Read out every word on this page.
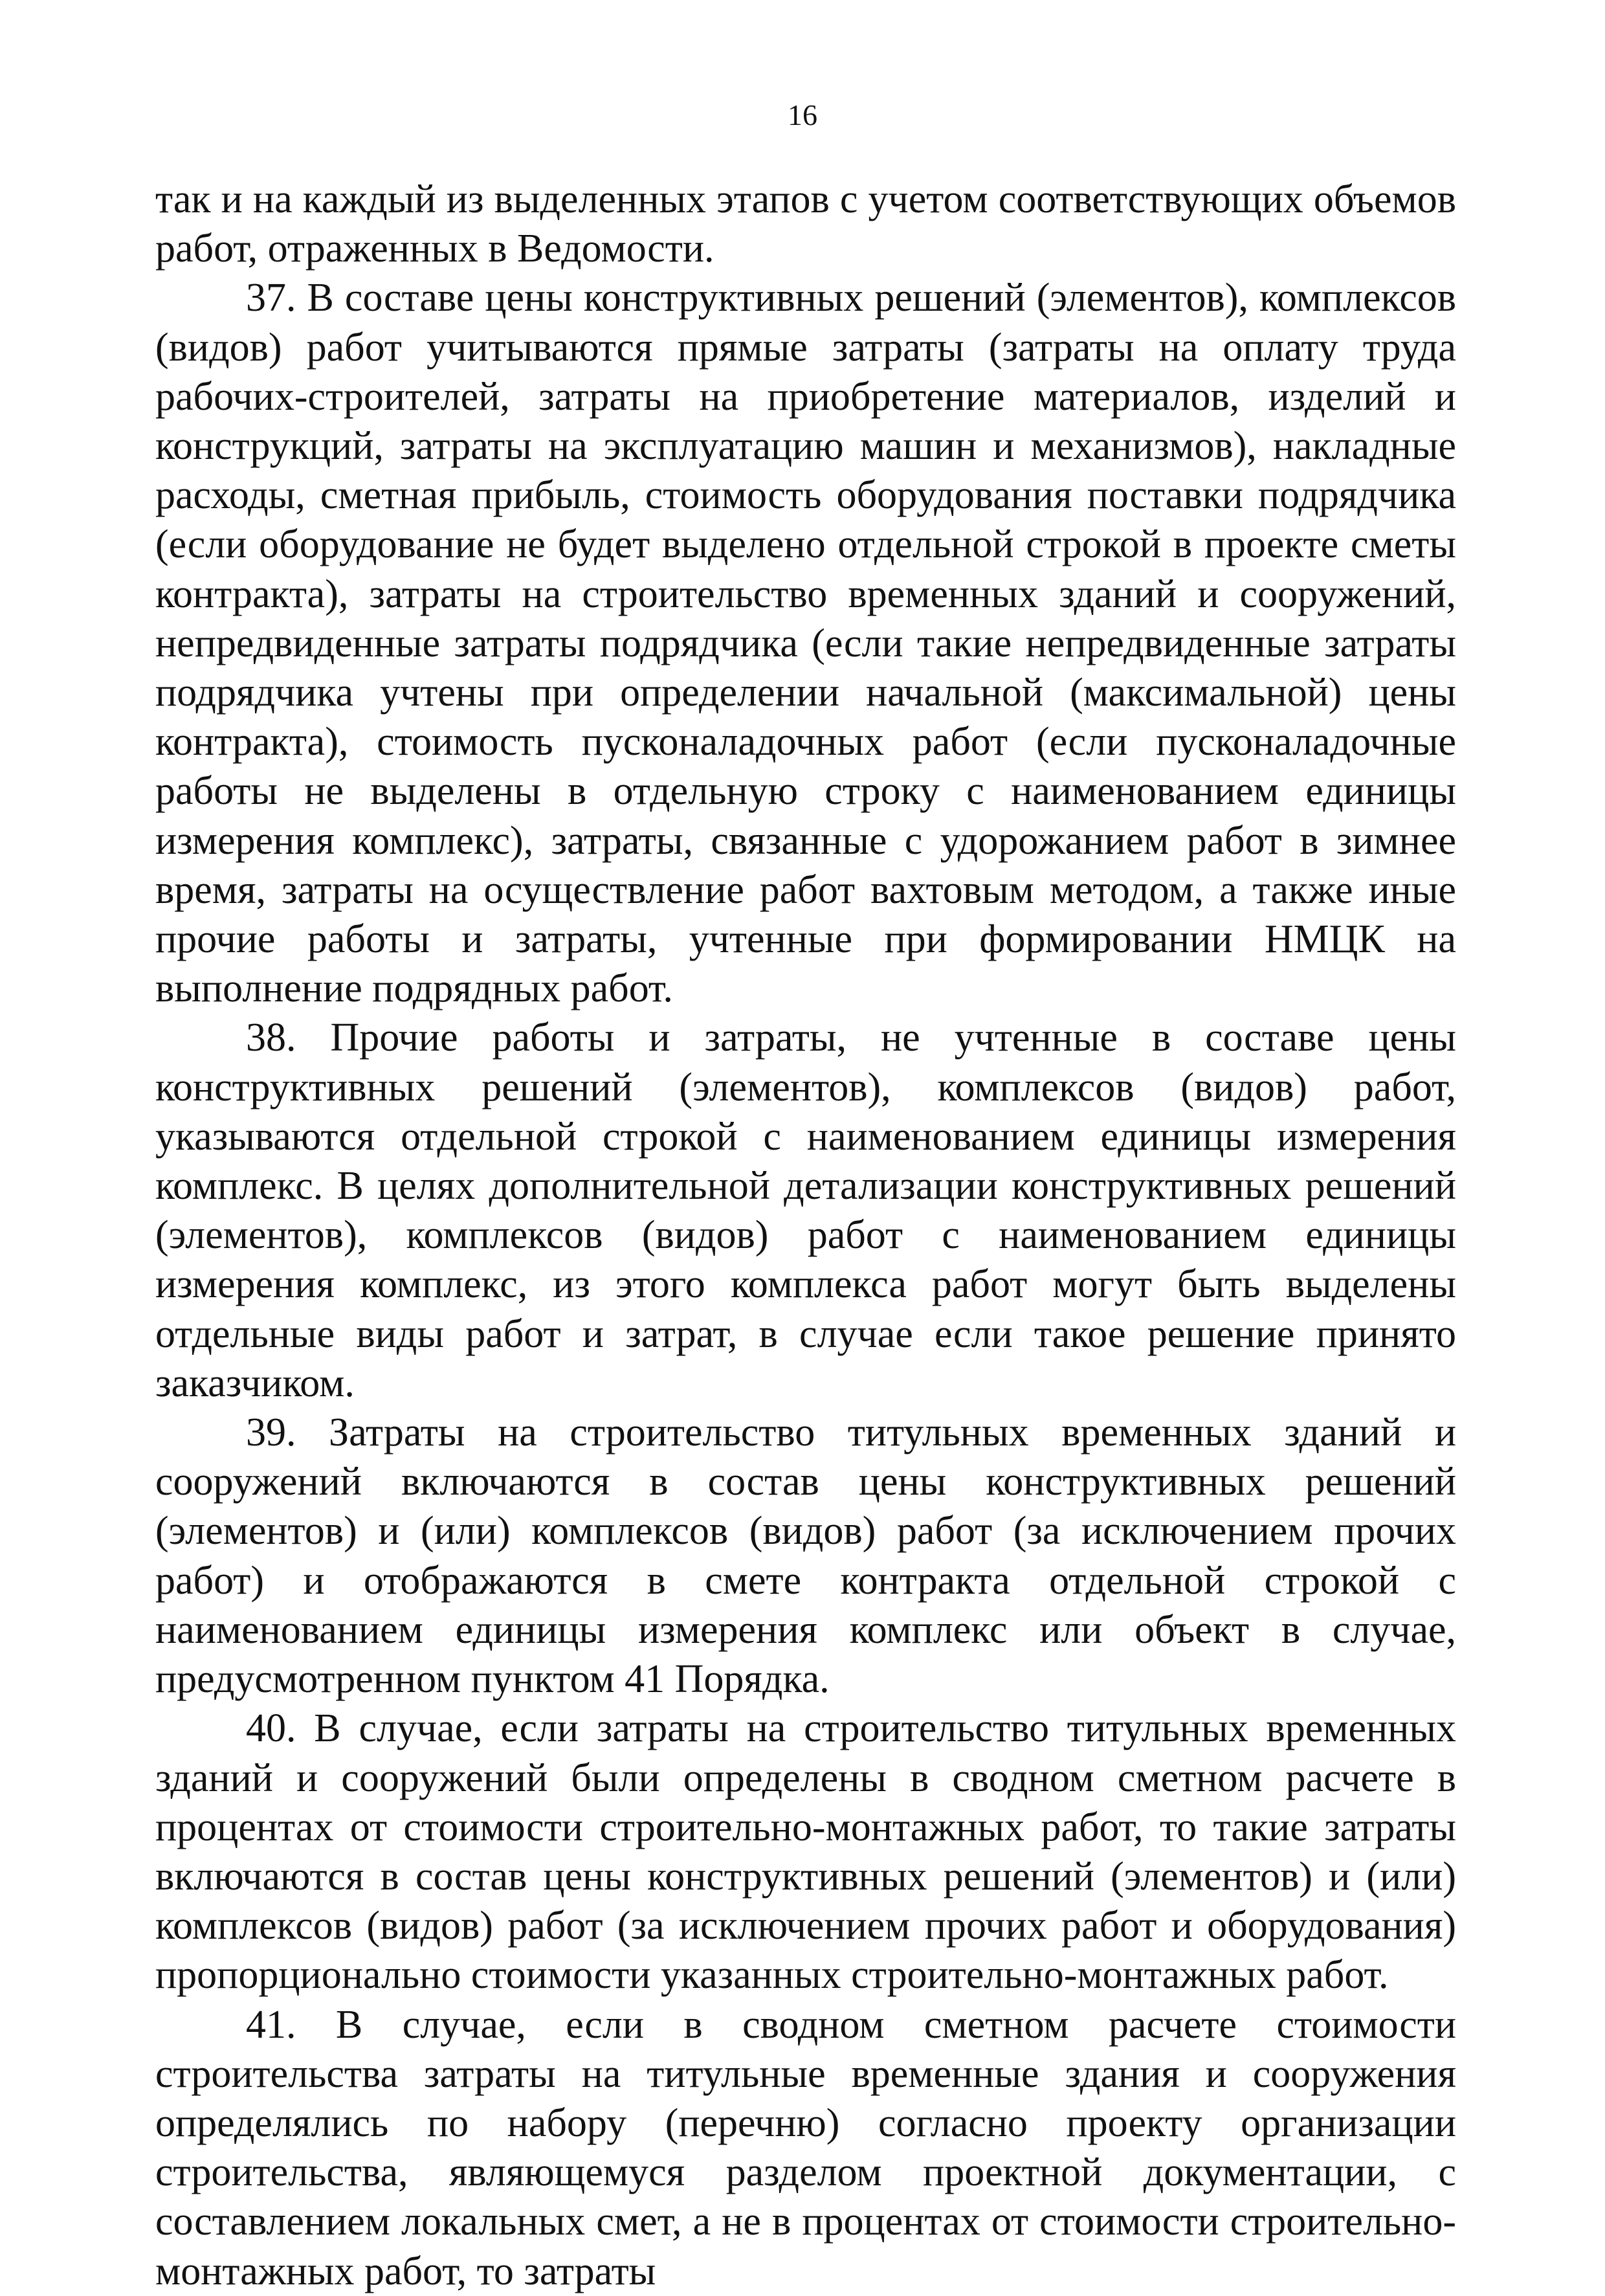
16

так и на каждый из выделенных этапов с учетом соответствующих объемов работ, отраженных в Ведомости.

37. В составе цены конструктивных решений (элементов), комплексов (видов) работ учитываются прямые затраты (затраты на оплату труда рабочих-строителей, затраты на приобретение материалов, изделий и конструкций, затраты на эксплуатацию машин и механизмов), накладные расходы, сметная прибыль, стоимость оборудования поставки подрядчика (если оборудование не будет выделено отдельной строкой в проекте сметы контракта), затраты на строительство временных зданий и сооружений, непредвиденные затраты подрядчика (если такие непредвиденные затраты подрядчика учтены при определении начальной (максимальной) цены контракта), стоимость пусконаладочных работ (если пусконаладочные работы не выделены в отдельную строку с наименованием единицы измерения комплекс), затраты, связанные с удорожанием работ в зимнее время, затраты на осуществление работ вахтовым методом, а также иные прочие работы и затраты, учтенные при формировании НМЦК на выполнение подрядных работ.

38. Прочие работы и затраты, не учтенные в составе цены конструктивных решений (элементов), комплексов (видов) работ, указываются отдельной строкой с наименованием единицы измерения комплекс. В целях дополнительной детализации конструктивных решений (элементов), комплексов (видов) работ с наименованием единицы измерения комплекс, из этого комплекса работ могут быть выделены отдельные виды работ и затрат, в случае если такое решение принято заказчиком.

39. Затраты на строительство титульных временных зданий и сооружений включаются в состав цены конструктивных решений (элементов) и (или) комплексов (видов) работ (за исключением прочих работ) и отображаются в смете контракта отдельной строкой с наименованием единицы измерения комплекс или объект в случае, предусмотренном пунктом 41 Порядка.

40. В случае, если затраты на строительство титульных временных зданий и сооружений были определены в сводном сметном расчете в процентах от стоимости строительно-монтажных работ, то такие затраты включаются в состав цены конструктивных решений (элементов) и (или) комплексов (видов) работ (за исключением прочих работ и оборудования) пропорционально стоимости указанных строительно-монтажных работ.

41. В случае, если в сводном сметном расчете стоимости строительства затраты на титульные временные здания и сооружения определялись по набору (перечню) согласно проекту организации строительства, являющемуся разделом проектной документации, с составлением локальных смет, а не в процентах от стоимости строительно-монтажных работ, то затраты
